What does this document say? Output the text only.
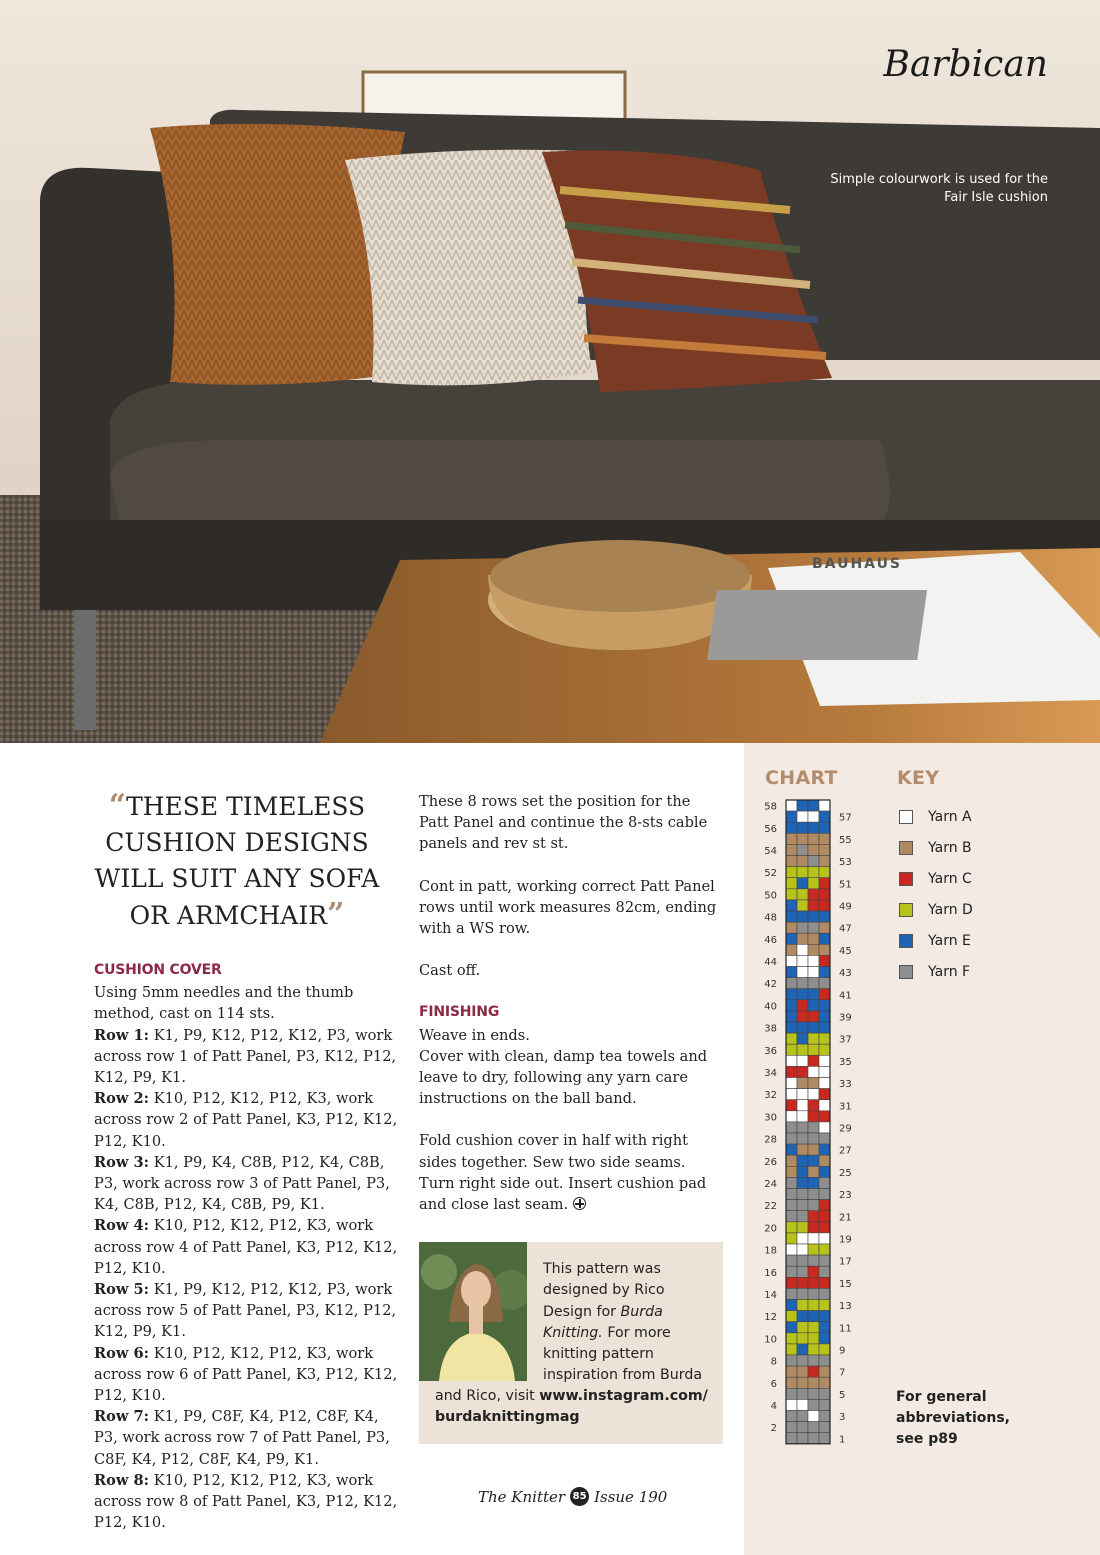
BAUHAUS
Barbican
Simple colourwork is used for the Fair Isle cushion
“THESE TIMELESS CUSHION DESIGNS WILL SUIT ANY SOFA OR ARMCHAIR”
CUSHION COVER

Using 5mm needles and the thumb method, cast on 114 sts.

Row 1: K1, P9, K12, P12, K12, P3, work across row 1 of Patt Panel, P3, K12, P12, K12, P9, K1.

Row 2: K10, P12, K12, P12, K3, work across row 2 of Patt Panel, K3, P12, K12, P12, K10.

Row 3: K1, P9, K4, C8B, P12, K4, C8B, P3, work across row 3 of Patt Panel, P3, K4, C8B, P12, K4, C8B, P9, K1.

Row 4: K10, P12, K12, P12, K3, work across row 4 of Patt Panel, K3, P12, K12, P12, K10.

Row 5: K1, P9, K12, P12, K12, P3, work across row 5 of Patt Panel, P3, K12, P12, K12, P9, K1.

Row 6: K10, P12, K12, P12, K3, work across row 6 of Patt Panel, K3, P12, K12, P12, K10.

Row 7: K1, P9, C8F, K4, P12, C8F, K4, P3, work across row 7 of Patt Panel, P3, C8F, K4, P12, C8F, K4, P9, K1.

Row 8: K10, P12, K12, P12, K3, work across row 8 of Patt Panel, K3, P12, K12, P12, K10.

These 8 rows set the position for the Patt Panel and continue the 8-sts cable panels and rev st st.

Cont in patt, working correct Patt Panel rows until work measures 82cm, ending with a WS row.

Cast off.

FINISHING

Weave in ends.

Cover with clean, damp tea towels and leave to dry, following any yarn care instructions on the ball band.

Fold cushion cover in half with right sides together. Sew two side seams.

Turn right side out. Insert cushion pad and close last seam.

This pattern was designed by Rico Design for Burda Knitting. For more knitting pattern inspiration from Burda
and Rico, visit www.instagram.com/ burdaknittingmag
The Knitter 85 Issue 190
CHART	KEY
58
56
54
52
50
48
46
44
42
40
38
36
34
32
30
28
26
24
22
20
18
16
14
12
10
8
6
4
2
57
55
53
51
49
47
45
43
41
39
37
35
33
31
29
27
25
23
21
19
17
15
13
11
9
7
5
3
1
Yarn A
Yarn B
Yarn C
Yarn D
Yarn E
Yarn F
For general abbreviations, see p89
